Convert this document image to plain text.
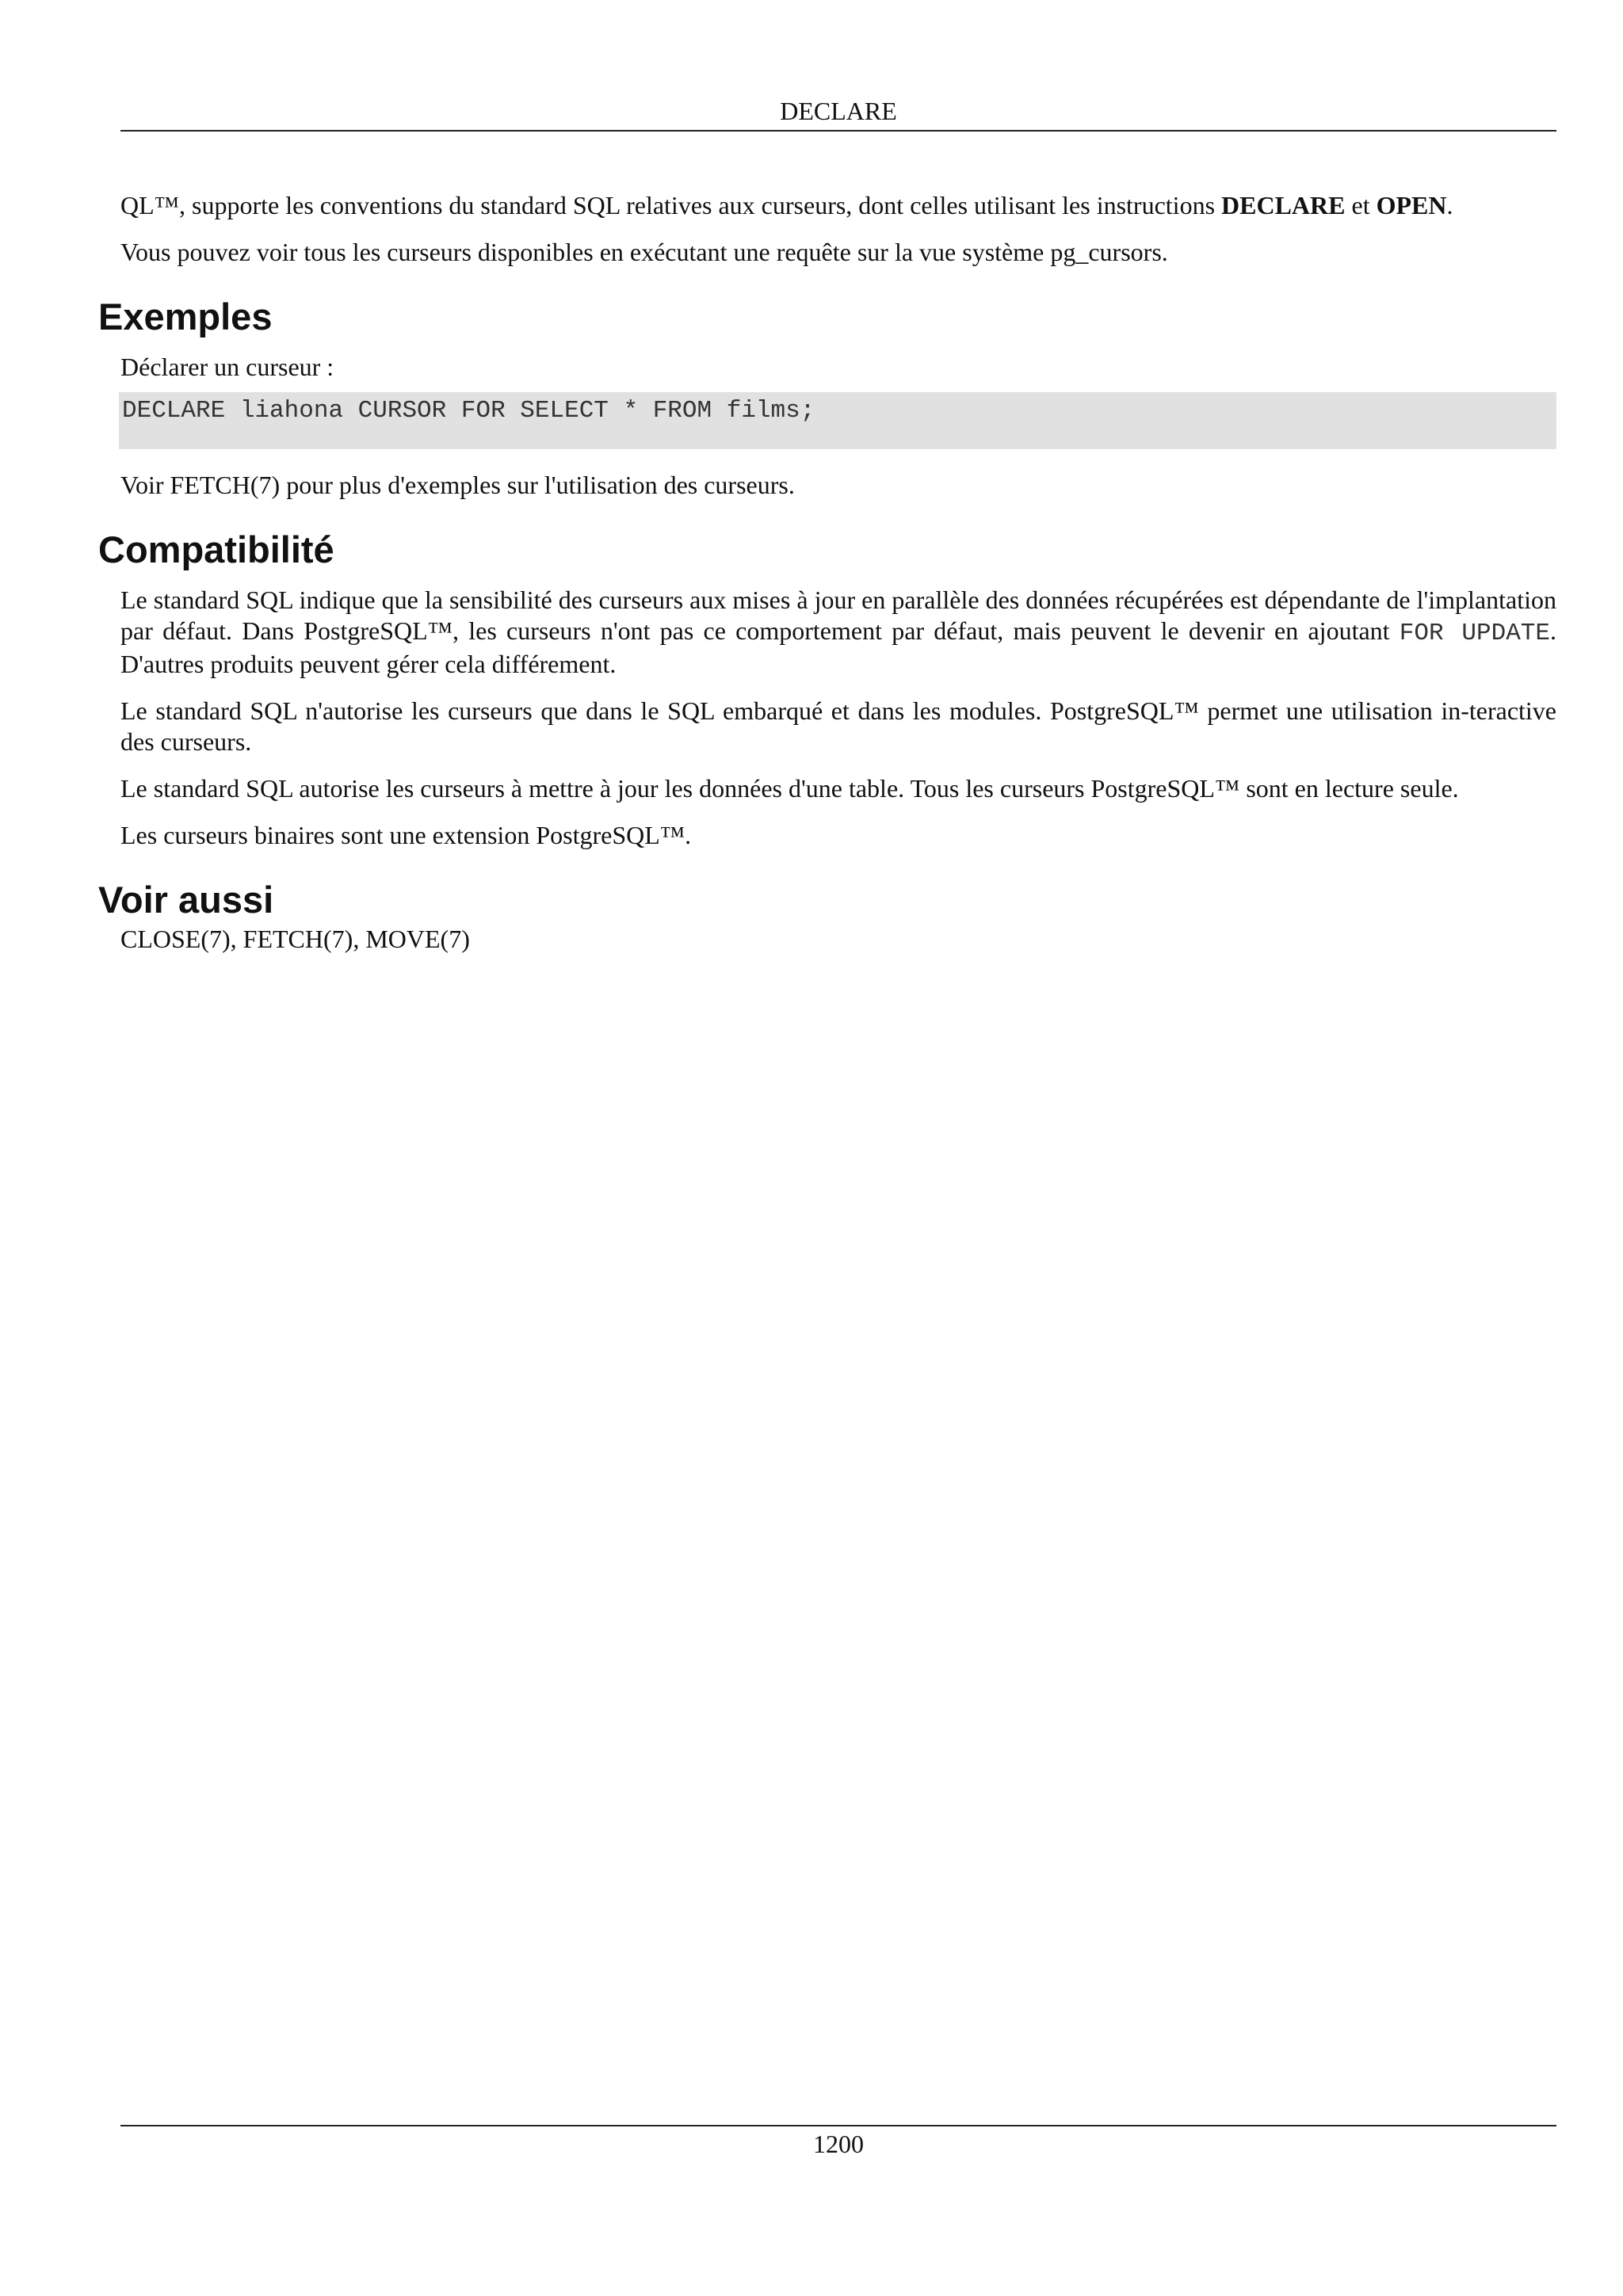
DECLARE

QL™, supporte les conventions du standard SQL relatives aux curseurs, dont celles utilisant les instructions DECLARE et OPEN.

Vous pouvez voir tous les curseurs disponibles en exécutant une requête sur la vue système pg_cursors.

Exemples

Déclarer un curseur :

DECLARE liahona CURSOR FOR SELECT * FROM films;

Voir FETCH(7) pour plus d'exemples sur l'utilisation des curseurs.

Compatibilité

Le standard SQL indique que la sensibilité des curseurs aux mises à jour en parallèle des données récupérées est dépendante de l'implantation par défaut. Dans PostgreSQL™, les curseurs n'ont pas ce comportement par défaut, mais peuvent le devenir en ajoutant FOR UPDATE. D'autres produits peuvent gérer cela différement.

Le standard SQL n'autorise les curseurs que dans le SQL embarqué et dans les modules. PostgreSQL™ permet une utilisation in-teractive des curseurs.

Le standard SQL autorise les curseurs à mettre à jour les données d'une table. Tous les curseurs PostgreSQL™ sont en lecture seule.

Les curseurs binaires sont une extension PostgreSQL™.

Voir aussi

CLOSE(7), FETCH(7), MOVE(7)

1200
